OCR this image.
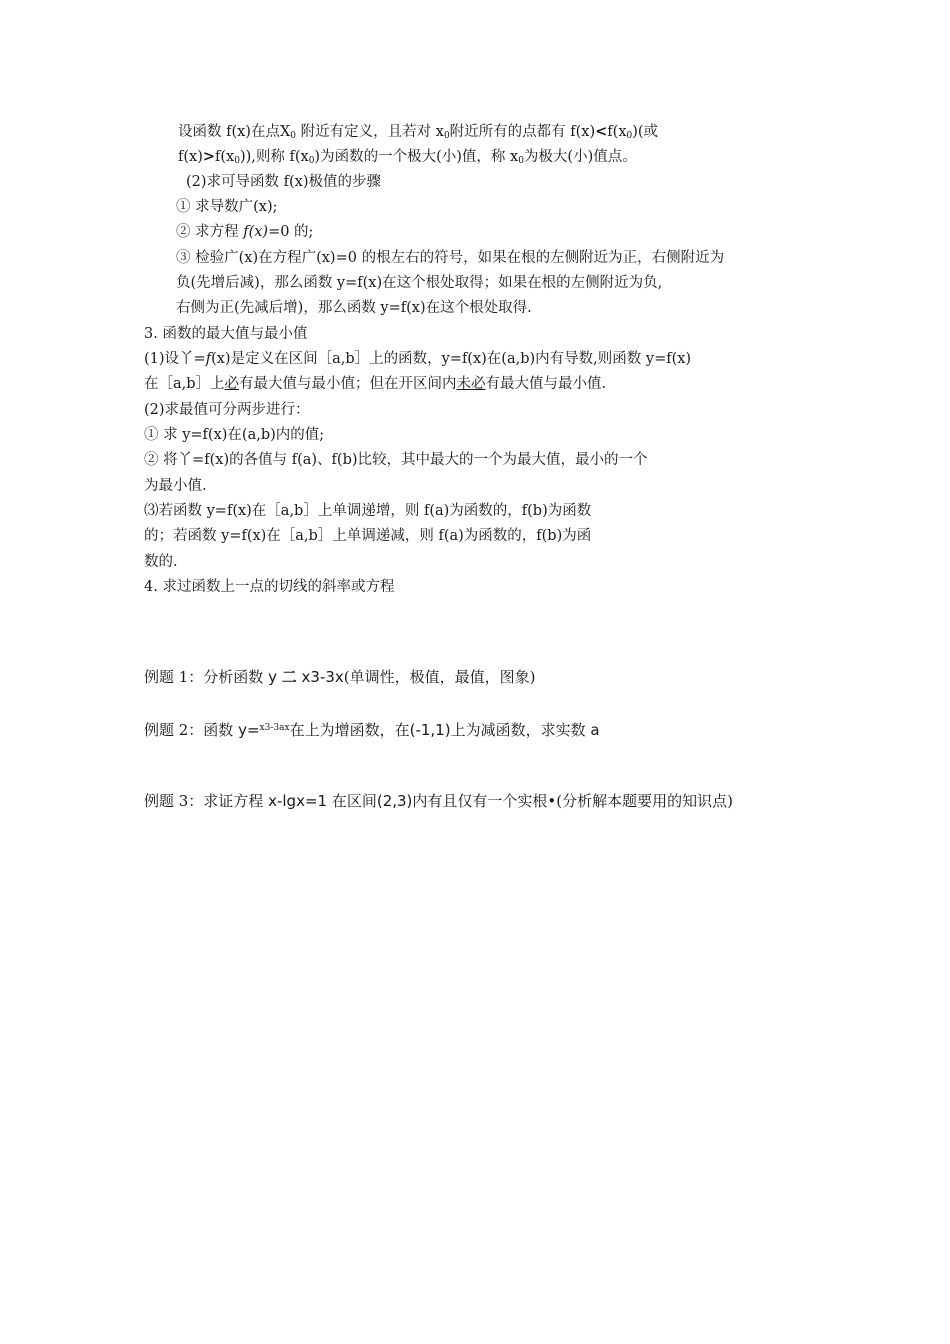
设函数 f(x)在点$X_0$ 附近有定义，且若对 $x_0$附近所有的点都有 $f(x)<f(x_0)$(或
$f(x)>f(x_0)$),则称 $f(x_0)$为函数的一个极大(小)值，称 $x_0$为极大(小)值点。
(2)求可导函数 f(x)极值的步骤
① 求导数广(x);
② 求方程 f(x)=0 的;
③ 检验广(x)在方程广(x)=0 的根左右的符号，如果在根的左侧附近为正，右侧附近为
负(先增后减)，那么函数 y=f(x)在这个根处取得；如果在根的左侧附近为负,
右侧为正(先减后增)，那么函数 y=f(x)在这个根处取得.
3. 函数的最大值与最小值
(1)设丫=f(x)是定义在区间［a,b］上的函数，y=f(x)在(a,b)内有导数,则函数 y=f(x)
在［a,b］上必有最大值与最小值；但在开区间内未必有最大值与最小值.
(2)求最值可分两步进行：
① 求 y=f(x)在(a,b)内的值;
② 将丫=f(x)的各值与 f(a)、f(b)比较，其中最大的一个为最大值，最小的一个
为最小值.
⑶若函数 y=f(x)在［a,b］上单调递增，则 f(a)为函数的，f(b)为函数
的；若函数 y=f(x)在［a,b］上单调递减，则 f(a)为函数的，f(b)为函
数的.
4. 求过函数上一点的切线的斜率或方程
例题 1：分析函数 y 二 x3-3x(单调性，极值，最值，图象)
例题 2：函数 y=$^{x3-3ax}$在上为增函数，在(-1,1)上为减函数，求实数 a
例题 3：求证方程 x-lgx=1 在区间(2,3)内有且仅有一个实根•(分析解本题要用的知识点)
